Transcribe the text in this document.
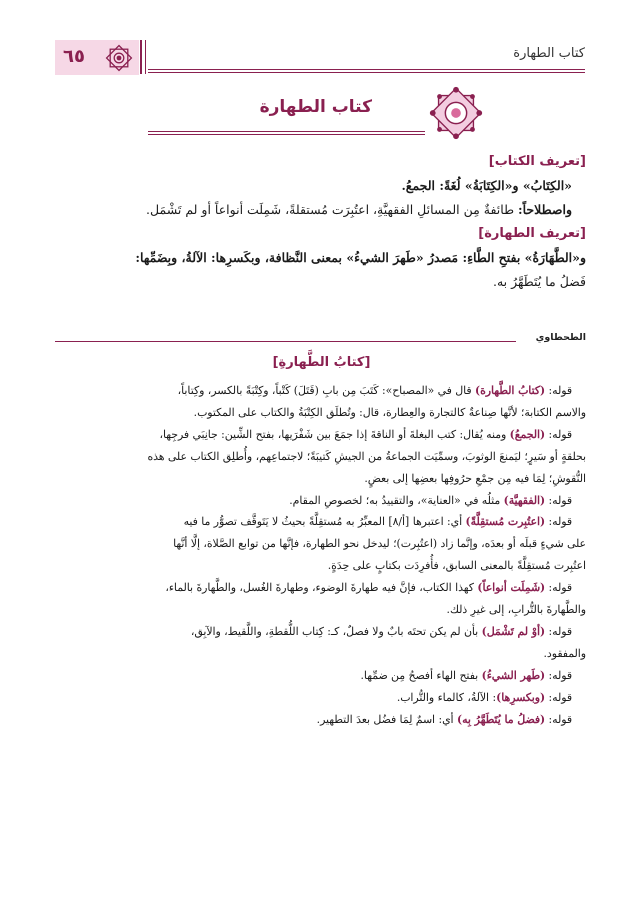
كتاب الطهارة
٦٥
كتاب الطهارة

[تعريف الكتاب]

«الكِتَابُ» و«الكِتَابَةُ» لُغَةً: الجمعُ.

واصطلاحاً: طائفةٌ مِن المسائلِ الفقهيَّةِ، اعتُبِرَت مُستقلةً، شَمِلَت أنواعاً أو لم تَشْمَل.

[تعريف الطهارة]

و«الطَّهَارَةُ» بفتحِ الطَّاءِ: مَصدرُ «طَهرَ الشيءُ» بمعنى النَّظافة، وبكَسرِها: الآلةُ، وبِضَمِّها:

فَضلُ ما يُتَطَهَّرُ به.

الطحطاوي
[كتابُ الطَّهارةِ]

قوله: (كتابُ الطَّهارة) قال في «المصباح»: كَتَبَ مِن بابِ (قَتَلَ) كَتْباً، وكِتْبَةً بالكسر، وكِتاباً،

والاسم الكتابة؛ لأنَّها صِناعةٌ كالتجارة والعِطارة، قال: وتُطلَق الكِتْبَةُ والكتاب على المكتوب.

قوله: (الجمعُ) ومنه يُقال: كتب البغلةَ أو الناقةَ إذا جمَعَ بين شَفْرَيها، بفتح الشِّين: جانِبَي فرجِها،

بحلقةٍ أو سَيرٍ؛ ليَمنعَ الوثوبَ، وسمِّيَت الجماعةُ من الجيشِ كَتيبَةً؛ لاجتماعِهم، وأُطلِق الكتاب على هذه

النُّقوشِ؛ لِمَا فيه مِن جمْعِ حرُوفِها بعضِها إلى بعضٍ.

قوله: (الفقهيَّة) مثلُه في «العناية»، والتقييدُ به؛ لخصوصِ المقام.

قوله: (اعتُبِرت مُستقِلَّةً) أي: اعتبرها [أ/٨] المعبِّرُ به مُستقِلَّةً بحيثُ لا يَتَوقَّف تصوُّر ما فيه

على شيءٍ قبلَه أو بعدَه، وإنَّما زاد (اعتُبِرت)؛ ليدخل نحو الطهارة، فإنَّها من توابع الصَّلاة، إلَّا أنَّها

اعتُبِرت مُستقِلَّةً بالمعنى السابق، فأُفرِدَت بكتابٍ على حِدَةٍ.

قوله: (شَمِلَت أنواعاً) كهذا الكتاب، فإنَّ فيه طهارةَ الوضوء، وطهارةَ الغُسل، والطَّهارةَ بالماء،

والطَّهارةَ بالتُّرابِ، إلى غيرِ ذلك.

قوله: (أوْ لم تَشْمَل) بأن لم يكن تحتَه بابٌ ولا فصلٌ، كـ: كِتاب اللُّقطةِ، واللَّقيط، والآبِق،

والمفقود.

قوله: (طَهر الشيءُ) بفتح الهاء أفصحُ مِن ضمِّها.

قوله: (وبكسرِها): الآلةُ، كالماء والتُّراب.

قوله: (فضلُ ما يُتَطَهَّرُ بِه) أي: اسمٌ لِمَا فضُل بعدَ التطهير.
